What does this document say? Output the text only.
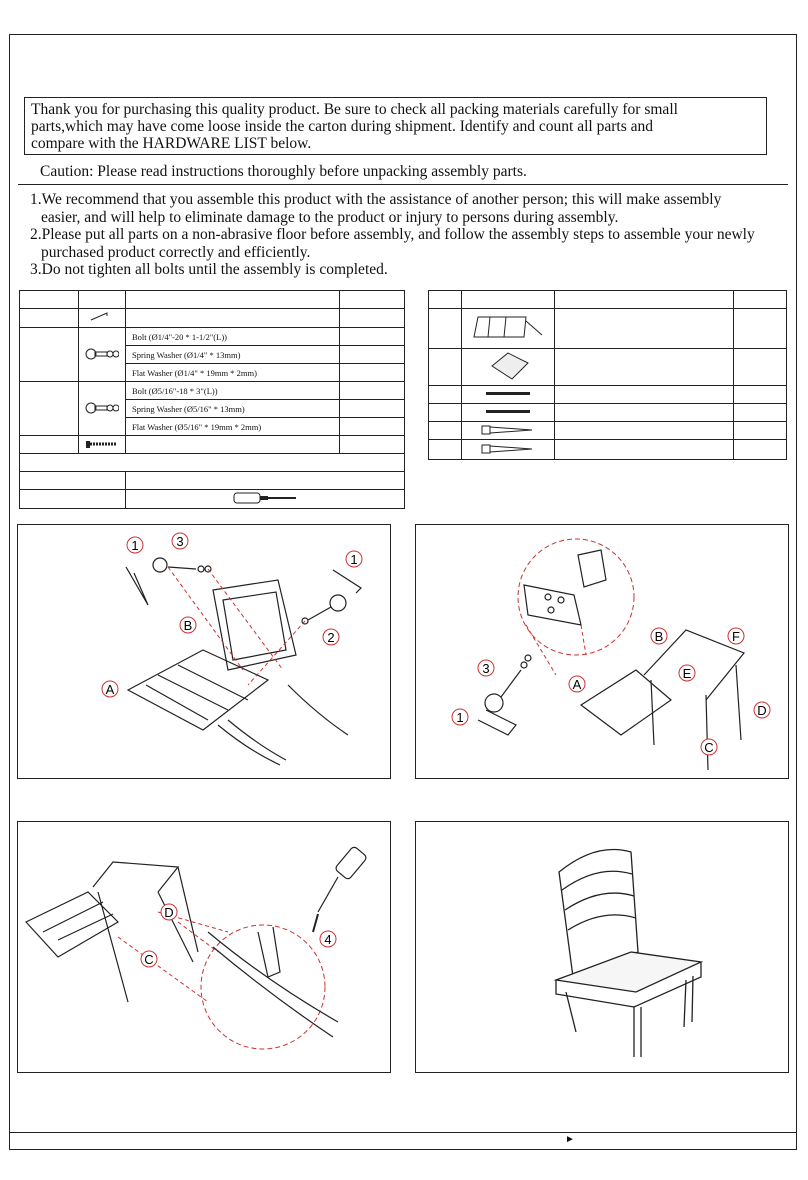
Thank you for purchasing this quality product. Be sure to check all packing materials carefully for small
parts,which may have come loose inside the carton during shipment. Identify and count all parts and
compare with the HARDWARE LIST below.
Caution: Please read instructions thoroughly before unpacking assembly parts.
1.We recommend that you assemble this product with the assistance of another person; this will make assembly
easier, and will help to eliminate damage to the product or injury to persons during assembly.
2.Please put all parts on a non-abrasive floor before assembly, and follow the assembly steps to assemble your newly
purchased product correctly and efficiently.
3.Do not tighten all bolts until the assembly is completed.

		Bolt (Ø1/4"-20 * 1-1/2"(L))	
		Spring Washer (Ø1/4" * 13mm)	
		Flat Washer (Ø1/4" * 19mm * 2mm)	
		Bolt (Ø5/16"-18 * 3"(L))	
		Spring Washer (Ø5/16" * 13mm)	
		Flat Washer (Ø5/16" * 19mm * 2mm)	

1	3
1
2
B
A
3
1
A
B
E
F
D
C
D
C
4
►
